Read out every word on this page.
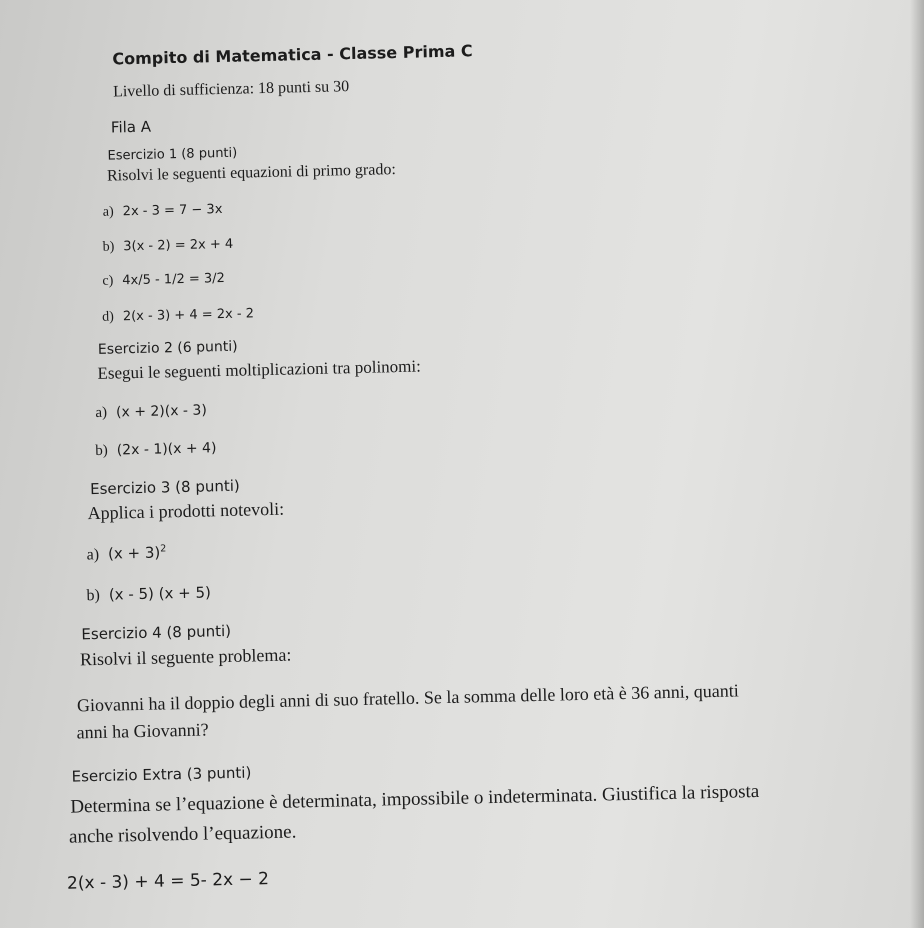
Compito di Matematica - Classe Prima C
Livello di sufficienza: 18 punti su 30
Fila A
Esercizio 1 (8 punti)
Risolvi le seguenti equazioni di primo grado:
a) 2x - 3 = 7 − 3x
b) 3(x - 2) = 2x + 4
c) 4x/5 - 1/2 = 3/2
d) 2(x - 3) + 4 = 2x - 2
Esercizio 2 (6 punti)
Esegui le seguenti moltiplicazioni tra polinomi:
a) (x + 2)(x - 3)
b) (2x - 1)(x + 4)
Esercizio 3 (8 punti)
Applica i prodotti notevoli:
a) $(x + 3)^2$
b) (x - 5) (x + 5)
Esercizio 4 (8 punti)
Risolvi il seguente problema:
Giovanni ha il doppio degli anni di suo fratello. Se la somma delle loro età è 36 anni, quanti
anni ha Giovanni?
Esercizio Extra (3 punti)
Determina se l’equazione è determinata, impossibile o indeterminata. Giustifica la risposta
anche risolvendo l’equazione.
2(x - 3) + 4 = 5- 2x − 2
